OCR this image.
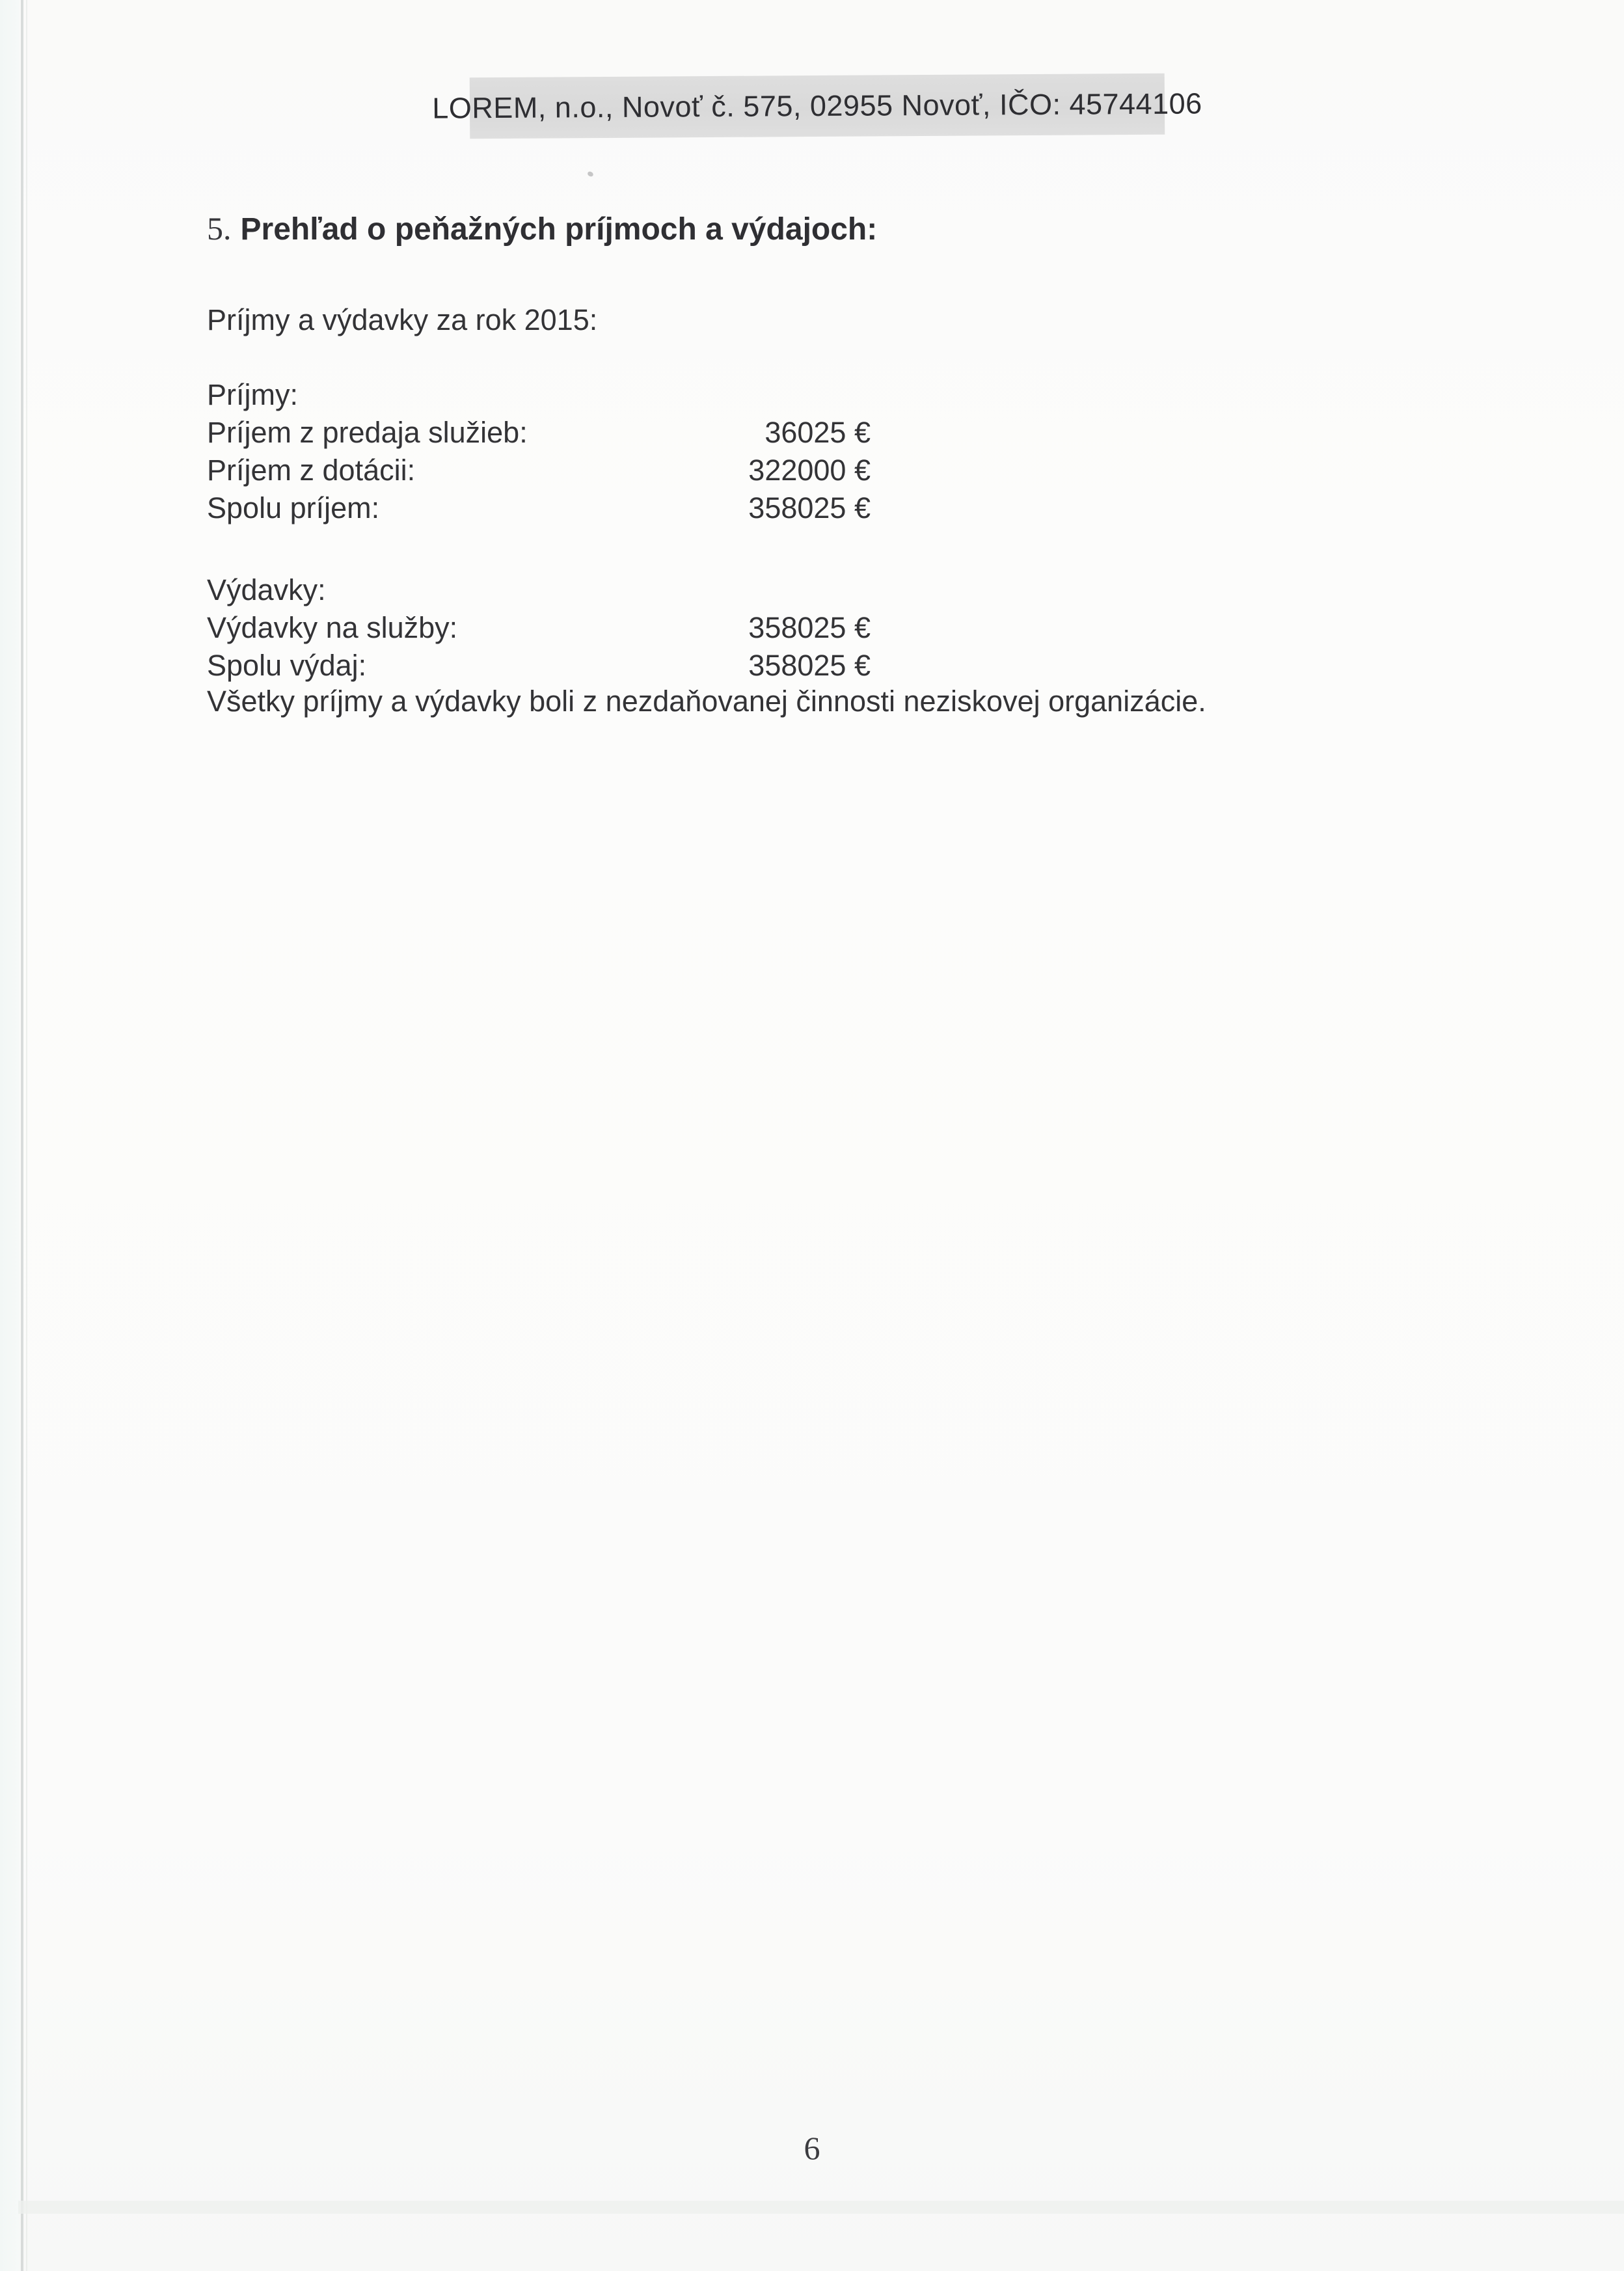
LOREM, n.o., Novoť č. 575, 02955 Novoť, IČO: 45744106
5. Prehľad o peňažných príjmoch a výdajoch:

Príjmy a výdavky za rok 2015:

Príjmy:
Príjem z predaja služieb:	36025 €
Príjem z dotácii:	322000 €
Spolu príjem:	358025 €
Výdavky:
Výdavky na služby:	358025 €
Spolu výdaj:	358025 €

Všetky príjmy a výdavky boli z nezdaňovanej činnosti neziskovej organizácie.

6
